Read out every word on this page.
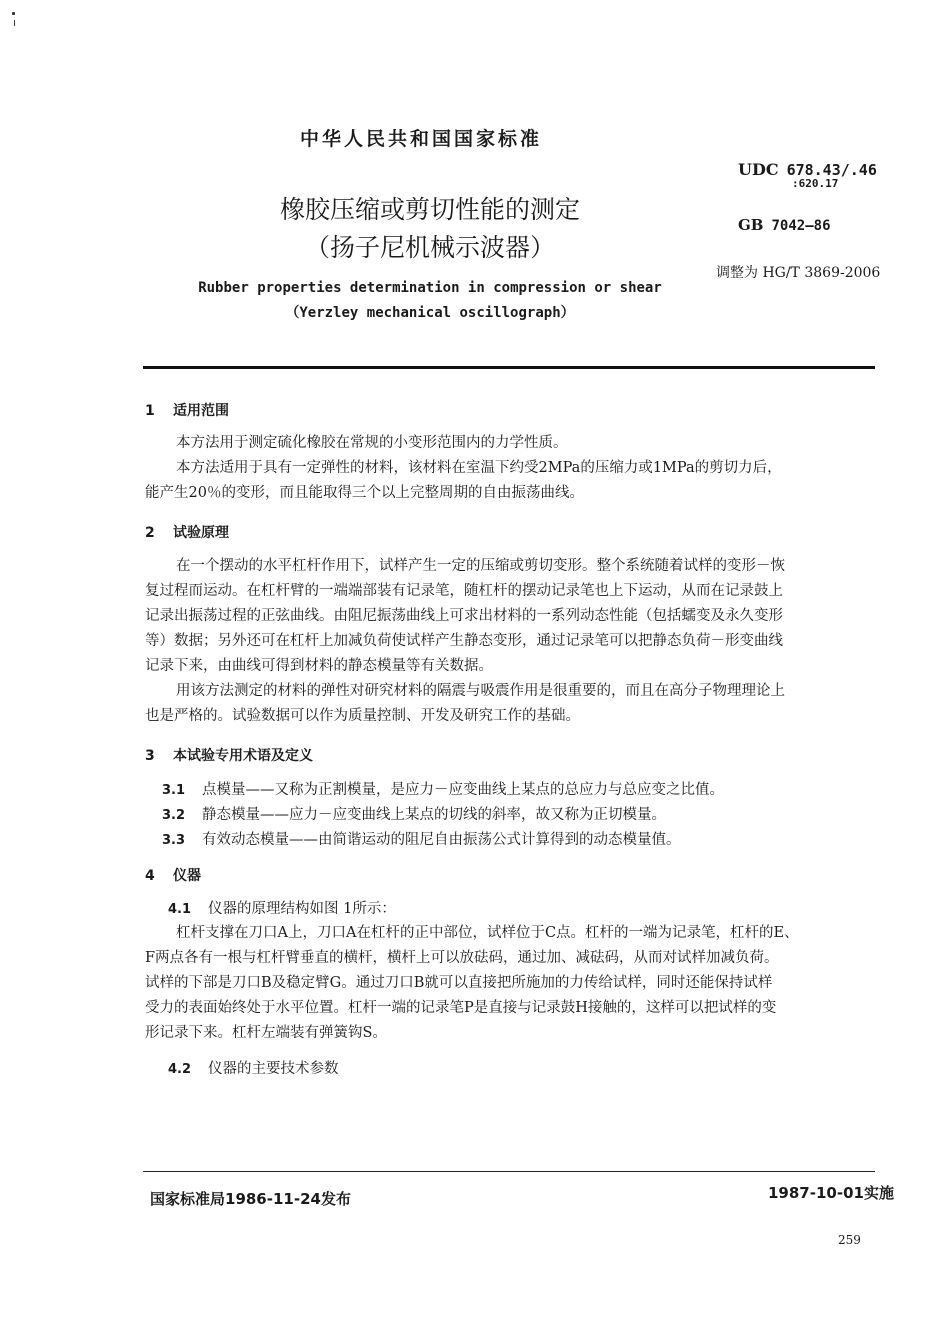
中华人民共和国国家标准
UDC 678.43/.46
:620.17
GB 7042—86
调整为 HG/T 3869-2006
橡胶压缩或剪切性能的测定
（扬子尼机械示波器）
Rubber properties determination in compression or shear
（Yerzley mechanical oscillograph）
1 适用范围
本方法用于测定硫化橡胶在常规的小变形范围内的力学性质。
本方法适用于具有一定弹性的材料，该材料在室温下约受2MPa的压缩力或1MPa的剪切力后，
能产生20％的变形，而且能取得三个以上完整周期的自由振荡曲线。
2 试验原理
在一个摆动的水平杠杆作用下，试样产生一定的压缩或剪切变形。整个系统随着试样的变形－恢
复过程而运动。在杠杆臂的一端端部装有记录笔，随杠杆的摆动记录笔也上下运动，从而在记录鼓上
记录出振荡过程的正弦曲线。由阻尼振荡曲线上可求出材料的一系列动态性能（包括蠕变及永久变形
等）数据；另外还可在杠杆上加减负荷使试样产生静态变形，通过记录笔可以把静态负荷－形变曲线
记录下来，由曲线可得到材料的静态模量等有关数据。
用该方法测定的材料的弹性对研究材料的隔震与吸震作用是很重要的，而且在高分子物理理论上
也是严格的。试验数据可以作为质量控制、开发及研究工作的基础。
3 本试验专用术语及定义
3.1 点模量——又称为正割模量，是应力－应变曲线上某点的总应力与总应变之比值。
3.2 静态模量——应力－应变曲线上某点的切线的斜率，故又称为正切模量。
3.3 有效动态模量——由简谐运动的阻尼自由振荡公式计算得到的动态模量值。
4 仪器
4.1 仪器的原理结构如图 1所示：
杠杆支撑在刀口A上，刀口A在杠杆的正中部位，试样位于C点。杠杆的一端为记录笔，杠杆的E、
F两点各有一根与杠杆臂垂直的横杆，横杆上可以放砝码，通过加、减砝码，从而对试样加减负荷。
试样的下部是刀口B及稳定臂G。通过刀口B就可以直接把所施加的力传给试样，同时还能保持试样
受力的表面始终处于水平位置。杠杆一端的记录笔P是直接与记录鼓H接触的，这样可以把试样的变
形记录下来。杠杆左端装有弹簧钩S。
4.2 仪器的主要技术参数
国家标准局1986-11-24发布	1987-10-01实施
259
